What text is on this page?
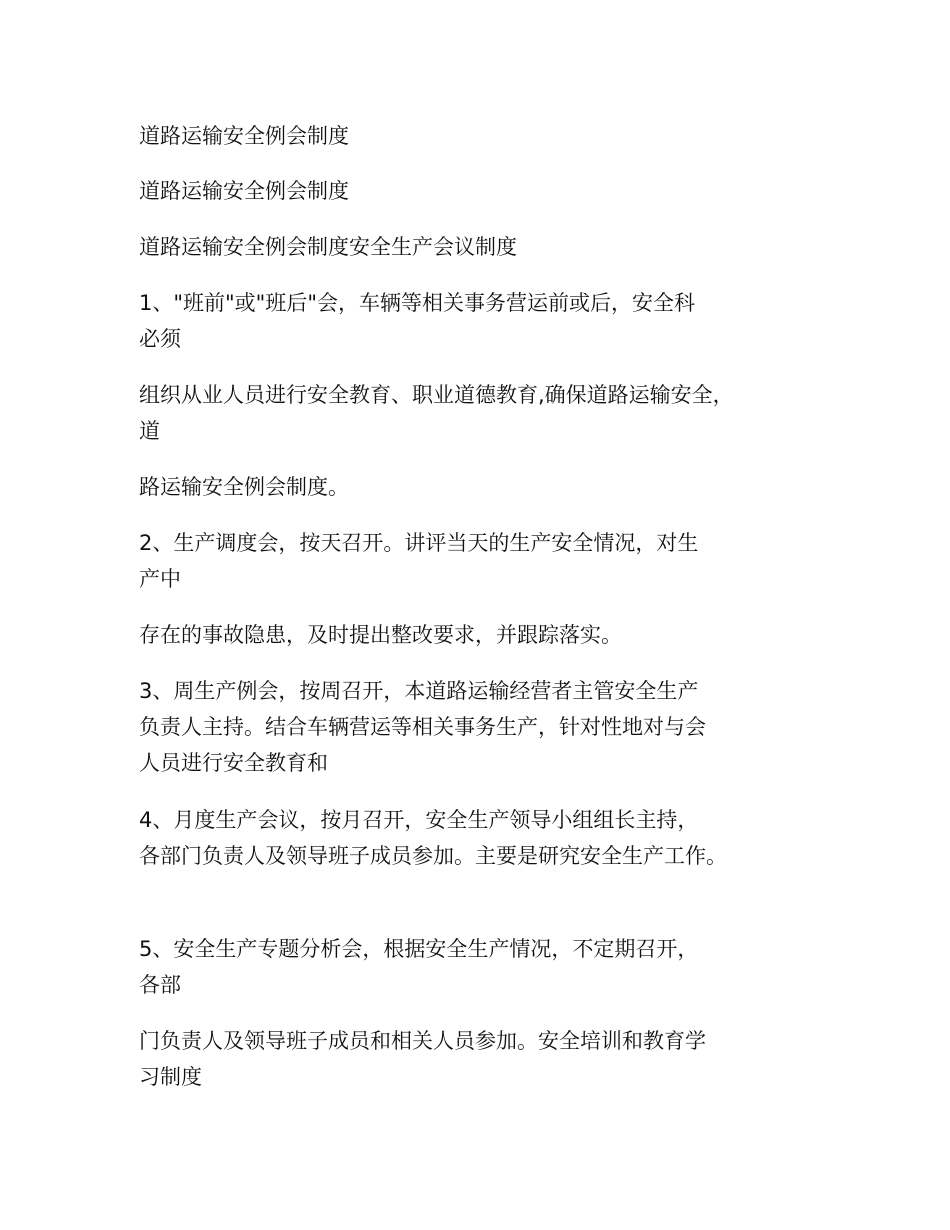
道路运输安全例会制度

道路运输安全例会制度

道路运输安全例会制度安全生产会议制度

1、"班前"或"班后"会，车辆等相关事务营运前或后，安全科

必须

组织从业人员进行安全教育、职业道德教育,确保道路运输安全，

道

路运输安全例会制度。

2、生产调度会，按天召开。讲评当天的生产安全情况，对生

产中

存在的事故隐患，及时提出整改要求，并跟踪落实。

3、周生产例会，按周召开，本道路运输经营者主管安全生产

负责人主持。结合车辆营运等相关事务生产，针对性地对与会

人员进行安全教育和

4、月度生产会议，按月召开，安全生产领导小组组长主持，

各部门负责人及领导班子成员参加。主要是研究安全生产工作。

5、安全生产专题分析会，根据安全生产情况，不定期召开，

各部

门负责人及领导班子成员和相关人员参加。安全培训和教育学

习制度
